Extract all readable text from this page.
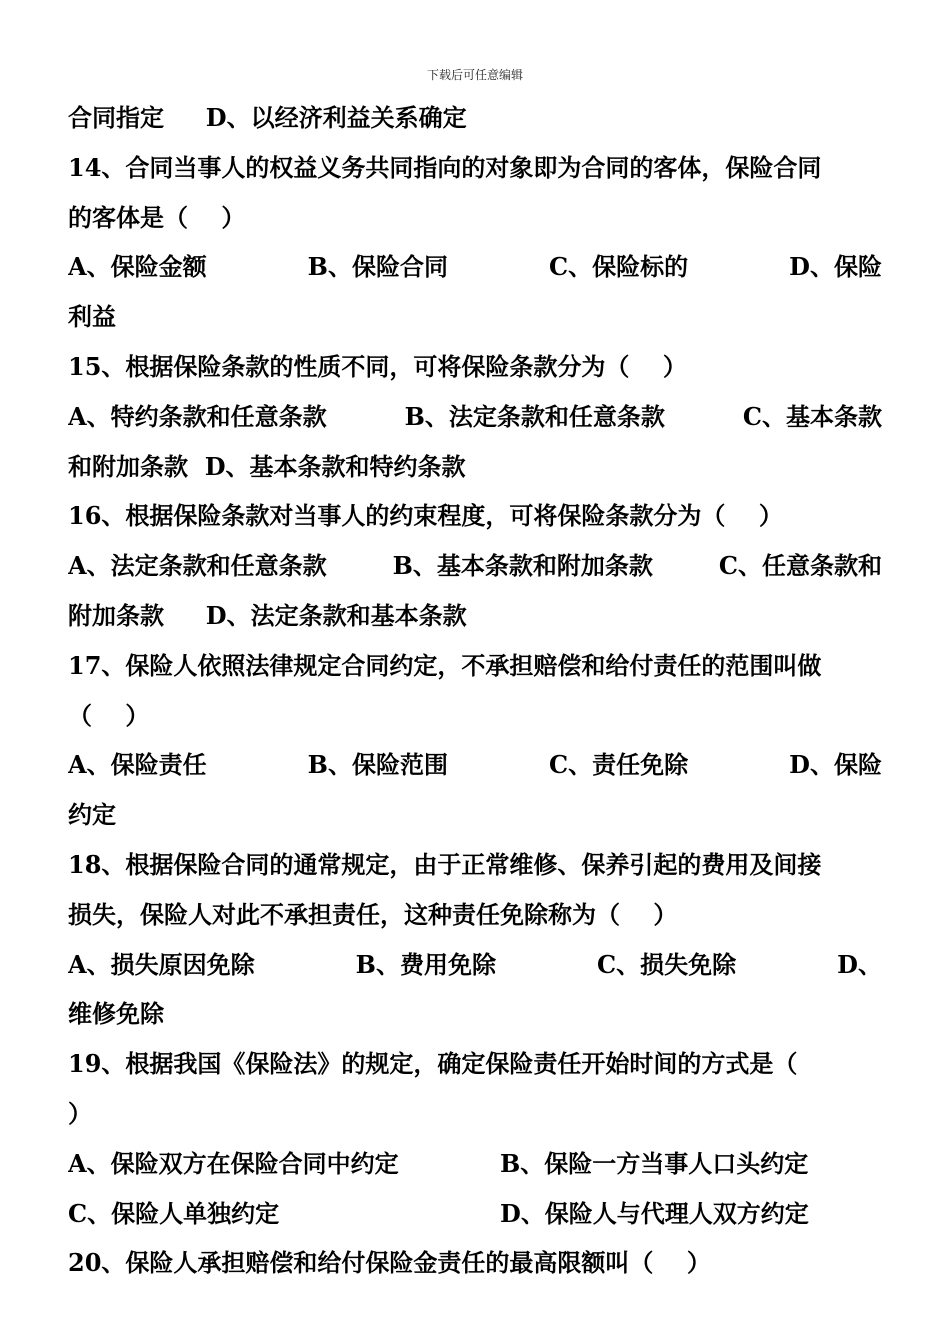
下载后可任意编辑
合同指定     D、以经济利益关系确定
14、合同当事人的权益义务共同指向的对象即为合同的客体，保险合同
的客体是（    ）
A、保险金额	B、保险合同	C、保险标的	D、保险
利益
15、根据保险条款的性质不同，可将保险条款分为（    ）
A、特约条款和任意条款	B、法定条款和任意条款	C、基本条款
和附加条款  D、基本条款和特约条款
16、根据保险条款对当事人的约束程度，可将保险条款分为（    ）
A、法定条款和任意条款	B、基本条款和附加条款	C、任意条款和
附加条款     D、法定条款和基本条款
17、保险人依照法律规定合同约定，不承担赔偿和给付责任的范围叫做
（    ）
A、保险责任	B、保险范围	C、责任免除	D、保险
约定
18、根据保险合同的通常规定，由于正常维修、保养引起的费用及间接
损失，保险人对此不承担责任，这种责任免除称为（    ）
A、损失原因免除	B、费用免除	C、损失免除	D、
维修免除
19、根据我国《保险法》的规定，确定保险责任开始时间的方式是（
）
A、保险双方在保险合同中约定	B、保险一方当事人口头约定
C、保险人单独约定	D、保险人与代理人双方约定
20、保险人承担赔偿和给付保险金责任的最高限额叫（    ）
